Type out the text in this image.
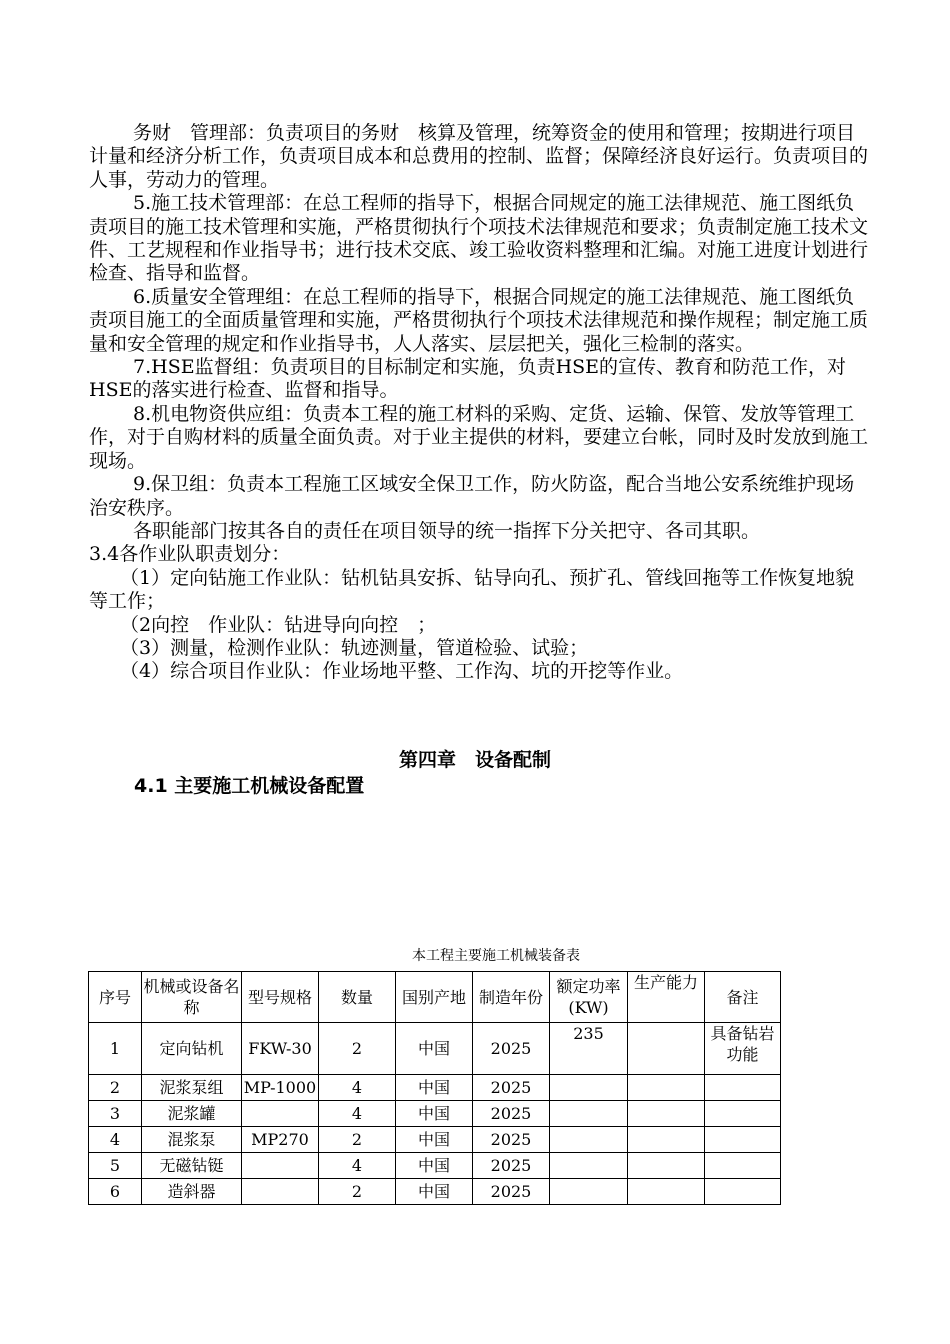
务财　管理部：负责项目的务财　核算及管理，统筹资金的使用和管理；按期进行项目计量和经济分析工作，负责项目成本和总费用的控制、监督；保障经济良好运行。负责项目的人事，劳动力的管理。

5.施工技术管理部：在总工程师的指导下，根据合同规定的施工法律规范、施工图纸负责项目的施工技术管理和实施，严格贯彻执行个项技术法律规范和要求；负责制定施工技术文件、工艺规程和作业指导书；进行技术交底、竣工验收资料整理和汇编。对施工进度计划进行检查、指导和监督。

6.质量安全管理组：在总工程师的指导下，根据合同规定的施工法律规范、施工图纸负责项目施工的全面质量管理和实施，严格贯彻执行个项技术法律规范和操作规程；制定施工质量和安全管理的规定和作业指导书，人人落实、层层把关，强化三检制的落实。

7.HSE监督组：负责项目的目标制定和实施，负责HSE的宣传、教育和防范工作，对HSE的落实进行检查、监督和指导。

8.机电物资供应组：负责本工程的施工材料的采购、定货、运输、保管、发放等管理工作，对于自购材料的质量全面负责。对于业主提供的材料，要建立台帐，同时及时发放到施工现场。

9.保卫组：负责本工程施工区域安全保卫工作，防火防盗，配合当地公安系统维护现场治安秩序。

各职能部门按其各自的责任在项目领导的统一指挥下分关把守、各司其职。

3.4各作业队职责划分：

（1）定向钻施工作业队：钻机钻具安拆、钻导向孔、预扩孔、管线回拖等工作恢复地貌等工作；

（2向控　作业队：钻进导向向控　；

（3）测量，检测作业队：轨迹测量，管道检验、试验；

（4）综合项目作业队：作业场地平整、工作沟、坑的开挖等作业。

第四章　设备配制
4.1 主要施工机械设备配置
本工程主要施工机械装备表
序号	机械或设备名称	型号规格	数量	国别产地	制造年份	额定功率(KW)	生产能力	备注
1	定向钻机	FKW-30	2	中国	2025	235		具备钻岩功能
2	泥浆泵组	MP-1000	4	中国	2025			
3	泥浆罐		4	中国	2025			
4	混浆泵	MP270	2	中国	2025			
5	无磁钻铤		4	中国	2025			
6	造斜器		2	中国	2025			
